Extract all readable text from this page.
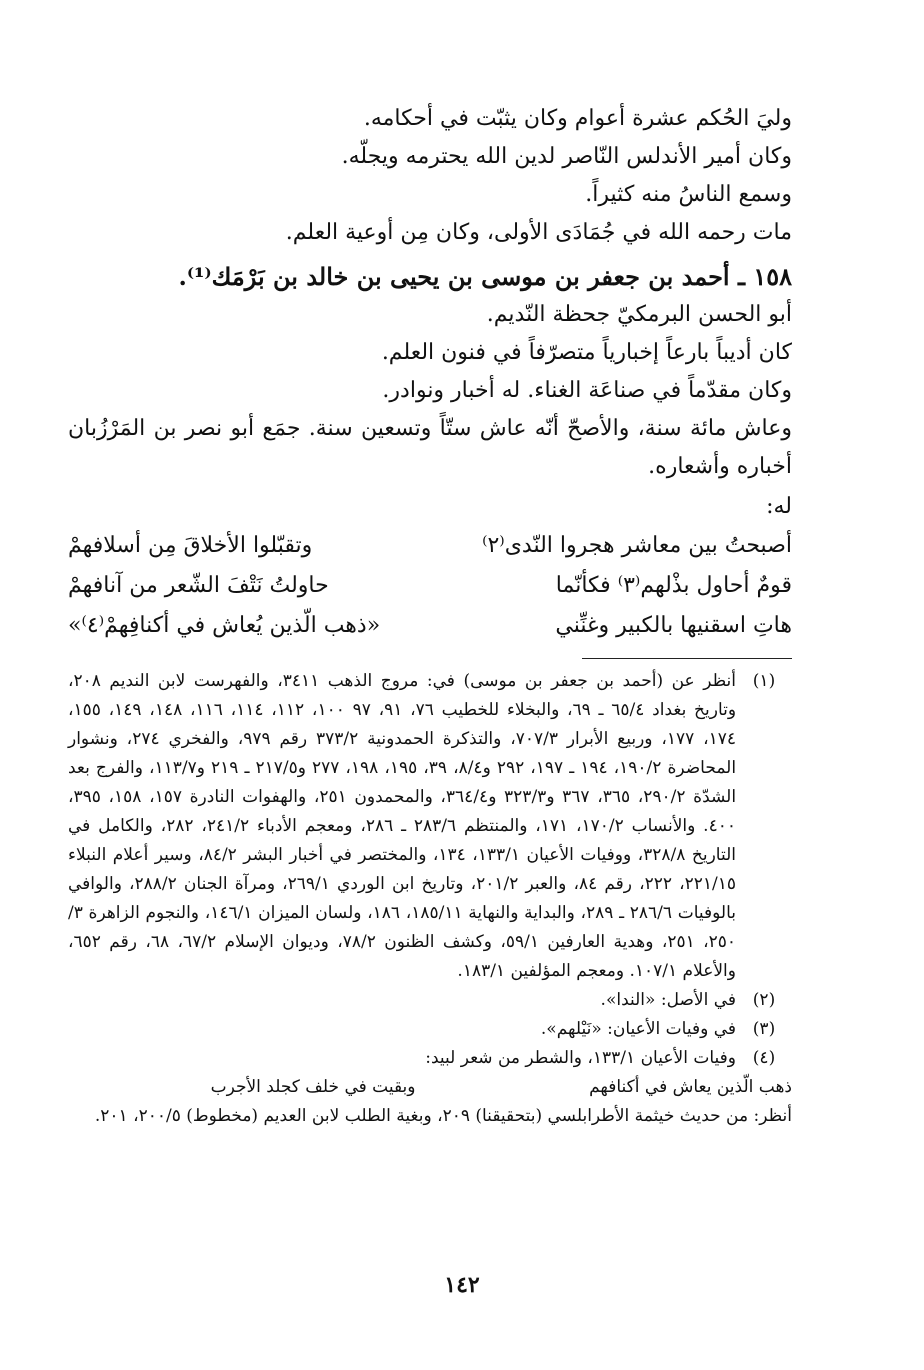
وليَ الحُكم عشرة أعوام وكان يثبّت في أحكامه.

وكان أمير الأندلس النّاصر لدين الله يحترمه ويجلّه.

وسمع الناسُ منه كثيراً.

مات رحمه الله في جُمَادَى الأولى، وكان مِن أوعية العلم.

١٥٨ ـ أحمد بن جعفر بن موسى بن يحيى بن خالد بن بَرْمَك⁽¹⁾.

أبو الحسن البرمكيّ جحظة النّديم.

كان أديباً بارعاً إخبارياً متصرّفاً في فنون العلم.

وكان مقدّماً في صناعَة الغناء. له أخبار ونوادر.

وعاش مائة سنة، والأصحّ أنّه عاش ستّاً وتسعين سنة. جمَع أبو نصر بن المَرْزُبان أخباره وأشعاره.

له:
أصبحتُ بين معاشر هجروا النّدى⁽٢⁾
وتقبّلوا الأخلاقَ مِن أسلافهمْ
قومٌ أحاول بذْلهم⁽٣⁾ فكأنّما
حاولتُ نَتْفَ الشّعر من آنافهمْ
هاتِ اسقنيها بالكبير وغنِّني
«ذهب الّذين يُعاش في أكنافِهمْ⁽٤⁾»
(١)
أنظر عن (أحمد بن جعفر بن موسى) في: مروج الذهب ٣٤١١، والفهرست لابن النديم ٢٠٨، وتاريخ بغداد ٦٥/٤ ـ ٦٩، والبخلاء للخطيب ٧٦، ٩١، ٩٧ ١٠٠، ١١٢، ١١٤، ١١٦، ١٤٨، ١٤٩، ١٥٥، ١٧٤، ١٧٧، وربيع الأبرار ٧٠٧/٣، والتذكرة الحمدونية ٣٧٣/٢ رقم ٩٧٩، والفخري ٢٧٤، ونشوار المحاضرة ١٩٠/٢، ١٩٤ ـ ١٩٧، ٢٩٢ و٨/٤، ٣٩، ١٩٥، ١٩٨، ٢٧٧ و٢١٧/٥ ـ ٢١٩ و١١٣/٧، والفرج بعد الشدّة ٢٩٠/٢، ٣٦٥، ٣٦٧ و٣٢٣/٣ و٣٦٤/٤، والمحمدون ٢٥١، والهفوات النادرة ١٥٧، ١٥٨، ٣٩٥، ٤٠٠. والأنساب ١٧٠/٢، ١٧١، والمنتظم ٢٨٣/٦ ـ ٢٨٦، ومعجم الأدباء ٢٤١/٢، ٢٨٢، والكامل في التاريخ ٣٢٨/٨، ووفيات الأعيان ١٣٣/١، ١٣٤، والمختصر في أخبار البشر ٨٤/٢، وسير أعلام النبلاء ٢٢١/١٥، ٢٢٢، رقم ٨٤، والعبر ٢٠١/٢، وتاريخ ابن الوردي ٢٦٩/١، ومرآة الجنان ٢٨٨/٢، والوافي بالوفيات ٢٨٦/٦ ـ ٢٨٩، والبداية والنهاية ١٨٥/١١، ١٨٦، ولسان الميزان ١٤٦/١، والنجوم الزاهرة ٣/ ٢٥٠، ٢٥١، وهدية العارفين ٥٩/١، وكشف الظنون ٧٨/٢، وديوان الإسلام ٦٧/٢، ٦٨، رقم ٦٥٢، والأعلام ١٠٧/١. ومعجم المؤلفين ١٨٣/١.
(٢)
في الأصل: «الندا».
(٣)
في وفيات الأعيان: «نَيْلهم».
(٤)
وفيات الأعيان ١٣٣/١، والشطر من شعر لبيد:
ذهب الّذين يعاش في أكنافهم
وبقيت في خلف كجلد الأجرب
أنظر: من حديث خيثمة الأطرابلسي (بتحقيقنا) ٢٠٩، وبغية الطلب لابن العديم (مخطوط) ٢٠٠/٥، ٢٠١.
١٤٢
